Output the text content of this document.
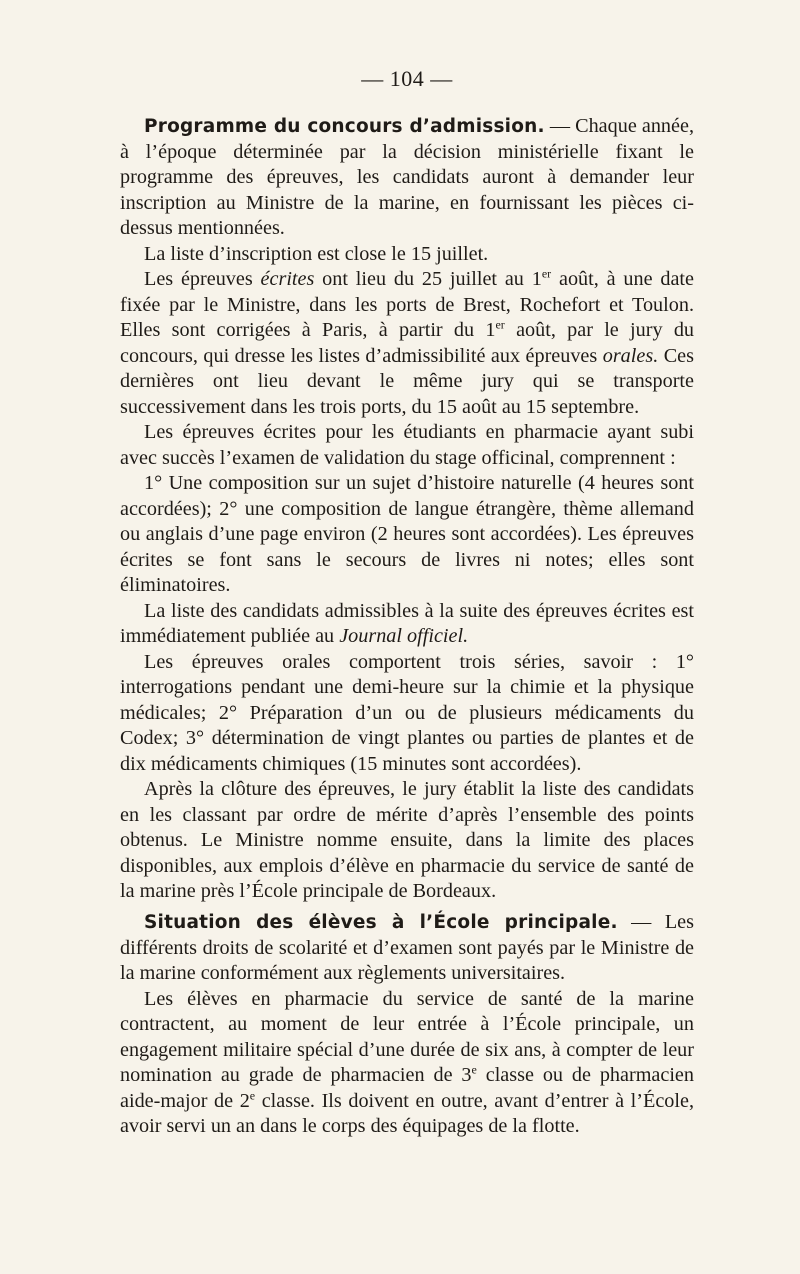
— 104 —

Programme du concours d’admission. — Chaque année, à l’époque déterminée par la décision ministérielle fixant le programme des épreuves, les candidats auront à demander leur inscription au Ministre de la marine, en fournissant les pièces ci-dessus mentionnées.

La liste d’inscription est close le 15 juillet.

Les épreuves écrites ont lieu du 25 juillet au 1er août, à une date fixée par le Ministre, dans les ports de Brest, Rochefort et Toulon. Elles sont corrigées à Paris, à partir du 1er août, par le jury du concours, qui dresse les listes d’admissibilité aux épreuves orales. Ces dernières ont lieu devant le même jury qui se transporte successivement dans les trois ports, du 15 août au 15 septembre.

Les épreuves écrites pour les étudiants en pharmacie ayant subi avec succès l’examen de validation du stage officinal, comprennent :

1° Une composition sur un sujet d’histoire naturelle (4 heures sont accordées); 2° une composition de langue étrangère, thème allemand ou anglais d’une page environ (2 heures sont accordées). Les épreuves écrites se font sans le secours de livres ni notes; elles sont éliminatoires.

La liste des candidats admissibles à la suite des épreuves écrites est immédiatement publiée au Journal officiel.

Les épreuves orales comportent trois séries, savoir : 1° interrogations pendant une demi-heure sur la chimie et la physique médicales; 2° Préparation d’un ou de plusieurs médicaments du Codex; 3° détermination de vingt plantes ou parties de plantes et de dix médicaments chimiques (15 minutes sont accordées).

Après la clôture des épreuves, le jury établit la liste des candidats en les classant par ordre de mérite d’après l’ensemble des points obtenus. Le Ministre nomme ensuite, dans la limite des places disponibles, aux emplois d’élève en pharmacie du service de santé de la marine près l’École principale de Bordeaux.

Situation des élèves à l’École principale. — Les différents droits de scolarité et d’examen sont payés par le Ministre de la marine conformément aux règlements universitaires.

Les élèves en pharmacie du service de santé de la marine contractent, au moment de leur entrée à l’École principale, un engagement militaire spécial d’une durée de six ans, à compter de leur nomination au grade de pharmacien de 3e classe ou de pharmacien aide-major de 2e classe. Ils doivent en outre, avant d’entrer à l’École, avoir servi un an dans le corps des équipages de la flotte.
